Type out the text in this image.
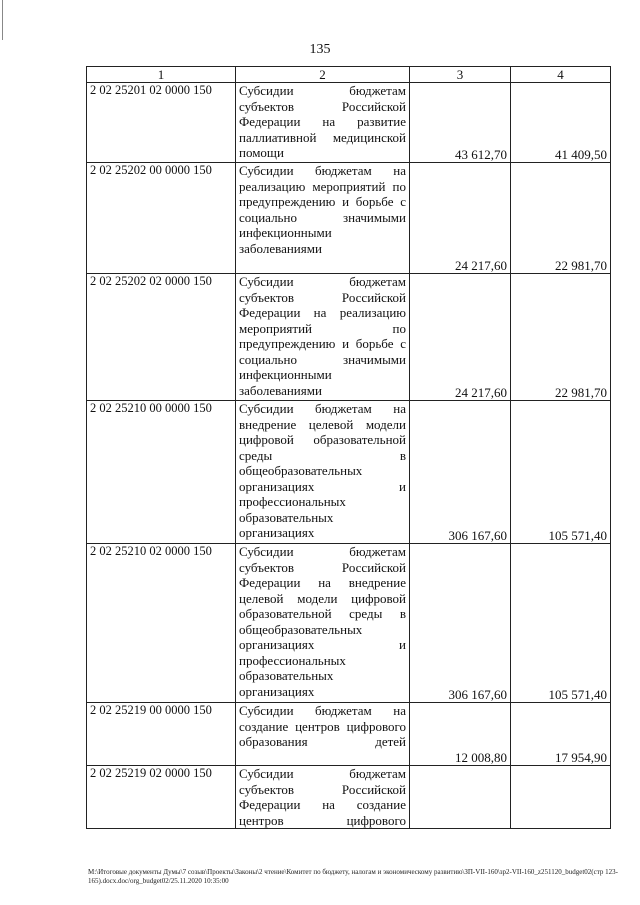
135
1	2	3	4
2 02 25201 02 0000 150	Субсидии бюджетам субъектов Российской Федерации на развитие паллиативной медицинской помощи	43 612,70	41 409,50
2 02 25202 00 0000 150	Субсидии бюджетам на реализацию мероприятий по предупреждению и борьбе с социально значимыми инфекционными заболеваниями	24 217,60	22 981,70
2 02 25202 02 0000 150	Субсидии бюджетам субъектов Российской Федерации на реализацию мероприятий по предупреждению и борьбе с социально значимыми инфекционными заболеваниями	24 217,60	22 981,70
2 02 25210 00 0000 150	Субсидии бюджетам на внедрение целевой модели цифровой образовательной среды в общеобразовательных организациях и профессиональных образовательных организациях	306 167,60	105 571,40
2 02 25210 02 0000 150	Субсидии бюджетам субъектов Российской Федерации на внедрение целевой модели цифровой образовательной среды в общеобразовательных организациях и профессиональных образовательных организациях	306 167,60	105 571,40
2 02 25219 00 0000 150	Субсидии бюджетам на создание центров цифрового образования детей	12 008,80	17 954,90
2 02 25219 02 0000 150	Субсидии бюджетам субъектов Российской Федерации на создание центров цифрового		
М:\Итоговые документы Думы\7 созыв\Проекты\Законы\2 чтение\Комитет по бюджету, налогам и экономическому развитию\ЗП-VII-160\зр2-VII-160_z251120_budget02(стр 123-165).docx.doc/org_budget02/25.11.2020 10:35:00
